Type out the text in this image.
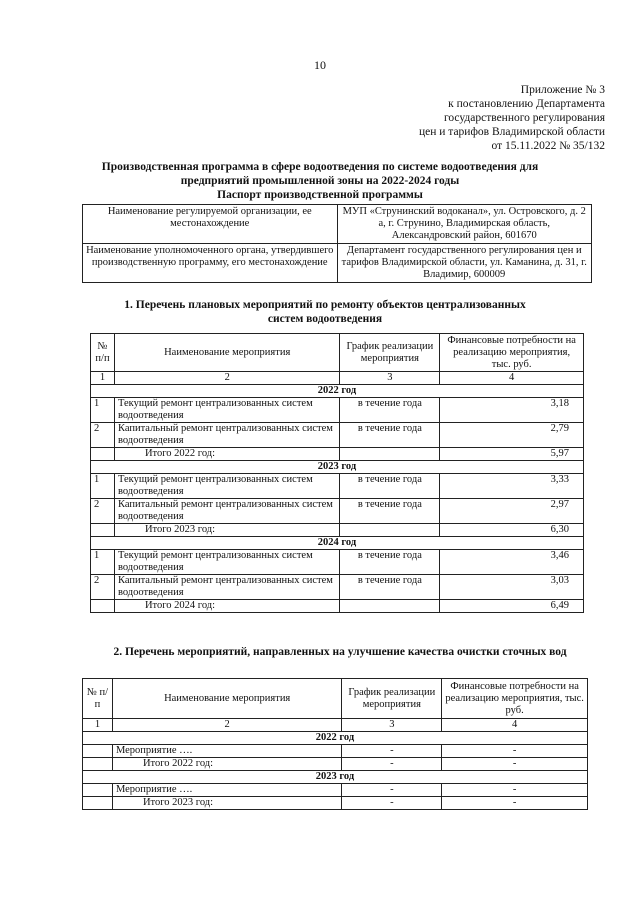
10
Приложение № 3
к постановлению Департамента
государственного регулирования
цен и тарифов Владимирской области
от 15.11.2022 № 35/132
Производственная программа в сфере водоотведения по системе водоотведения для
предприятий промышленной зоны на 2022-2024 годы
Паспорт производственной программы
Наименование регулируемой организации, ее местонахождение	МУП «Струнинский водоканал», ул. Островского, д. 2 а, г. Струнино, Владимирская область, Александровский район, 601670
Наименование уполномоченного органа, утвердившего производственную программу, его местонахождение	Департамент государственного регулирования цен и тарифов Владимирской области, ул. Каманина, д. 31, г. Владимир, 600009
1. Перечень плановых мероприятий по ремонту объектов централизованных систем водоотведения
№ п/п	Наименование мероприятия	График реализации мероприятия	Финансовые потребности на реализацию мероприятия, тыс. руб.
1	2	3	4
2022 год			
1	Текущий ремонт централизованных систем водоотведения	в течение года	3,18
2	Капитальный ремонт централизованных систем водоотведения	в течение года	2,79
	Итого 2022 год:		5,97
2023 год			
1	Текущий ремонт централизованных систем водоотведения	в течение года	3,33
2	Капитальный ремонт централизованных систем водоотведения	в течение года	2,97
	Итого 2023 год:		6,30
2024 год			
1	Текущий ремонт централизованных систем водоотведения	в течение года	3,46
2	Капитальный ремонт централизованных систем водоотведения	в течение года	3,03
	Итого 2024 год:		6,49
2. Перечень мероприятий, направленных на улучшение качества очистки сточных вод
№ п/п	Наименование мероприятия	График реализации мероприятия	Финансовые потребности на реализацию мероприятия, тыс. руб.
1	2	3	4
2022 год			
	Мероприятие ….	-	-
	Итого 2022 год:	-	-
2023 год			
	Мероприятие ….	-	-
	Итого 2023 год:	-	-
